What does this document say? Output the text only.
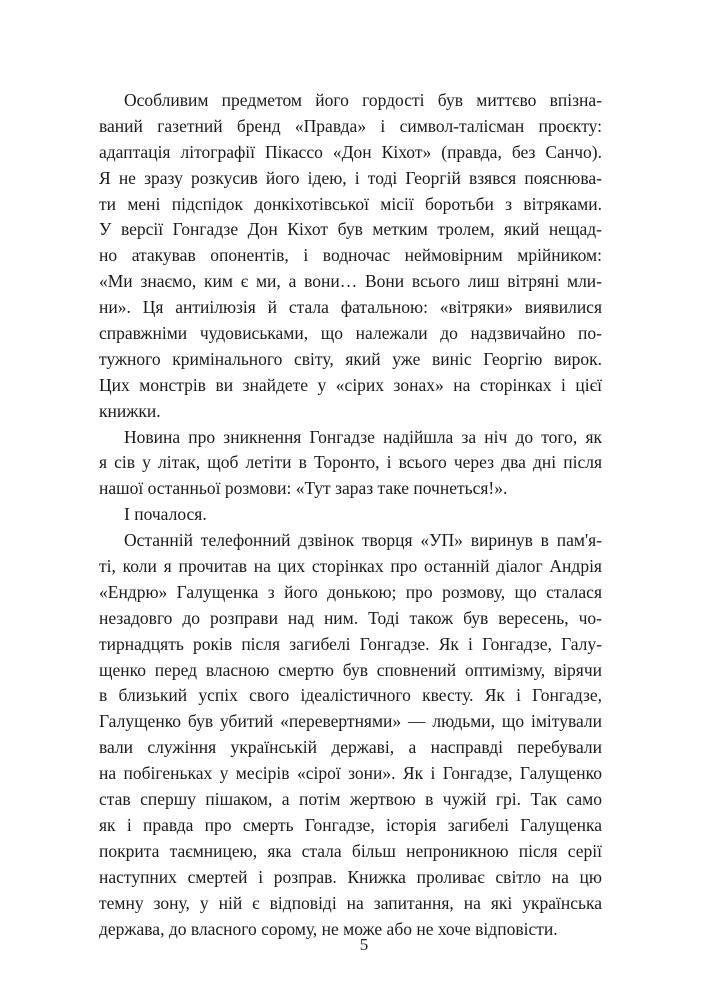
Особливим предметом його гордості був миттєво впізна-
ваний газетний бренд «Правда» і символ-талісман проєкту:
адаптація літографії Пікассо «Дон Кіхот» (правда, без Санчо).
Я не зразу розкусив його ідею, і тоді Георгій взявся пояснюва-
ти мені підспідок донкіхотівської місії боротьби з вітряками.
У версії Гонгадзе Дон Кіхот був метким тролем, який нещад-
но атакував опонентів, і водночас неймовірним мрійником:
«Ми знаємо, ким є ми, а вони… Вони всього лиш вітряні мли-
ни». Ця антиілюзія й стала фатальною: «вітряки» виявилися
справжніми чудовиськами, що належали до надзвичайно по-
тужного кримінального світу, який уже виніс Георгію вирок.
Цих монстрів ви знайдете у «сірих зонах» на сторінках і цієї
книжки.
Новина про зникнення Гонгадзе надійшла за ніч до того, як
я сів у літак, щоб летіти в Торонто, і всього через два дні після
нашої останньої розмови: «Тут зараз таке почнеться!».
І почалося.
Останній телефонний дзвінок творця «УП» виринув в пам'я-
ті, коли я прочитав на цих сторінках про останній діалог Андрія
«Ендрю» Галущенка з його донькою; про розмову, що сталася
незадовго до розправи над ним. Тоді також був вересень, чо-
тирнадцять років після загибелі Гонгадзе. Як і Гонгадзе, Галу-
щенко перед власною смертю був сповнений оптимізму, вірячи
в близький успіх свого ідеалістичного квесту. Як і Гонгадзе,
Галущенко був убитий «перевертнями» — людьми, що імітували
вали служіння українській державі, а насправді перебували
на побігеньках у месірів «сірої зони». Як і Гонгадзе, Галущенко
став спершу пішаком, а потім жертвою в чужій грі. Так само
як і правда про смерть Гонгадзе, історія загибелі Галущенка
покрита таємницею, яка стала більш непроникною після серії
наступних смертей і розправ. Книжка проливає світло на цю
темну зону, у ній є відповіді на запитання, на які українська
держава, до власного сорому, не може або не хоче відповісти.
5
